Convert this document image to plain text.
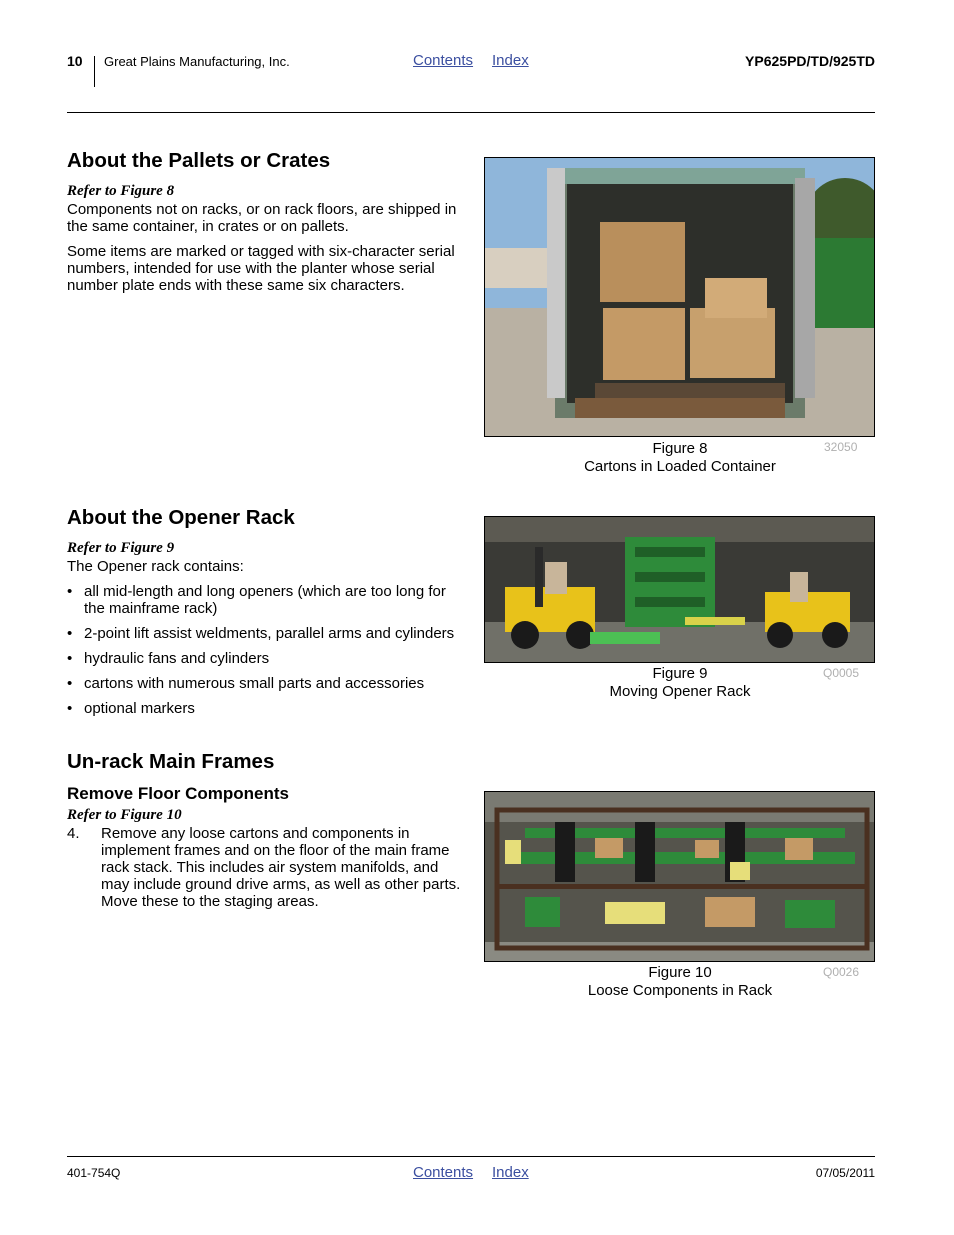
10 Great Plains Manufacturing, Inc.	Contents Index	YP625PD/TD/925TD
About the Pallets or Crates
Refer to Figure 8
Components not on racks, or on rack floors, are shipped in the same container, in crates or on pallets.
Some items are marked or tagged with six-character serial numbers, intended for use with the planter whose serial number plate ends with these same six characters.
Figure 8
Cartons in Loaded Container
32050
About the Opener Rack
Refer to Figure 9
The Opener rack contains:
• all mid-length and long openers (which are too long for the mainframe rack)
• 2-point lift assist weldments, parallel arms and cylinders
• hydraulic fans and cylinders
• cartons with numerous small parts and accessories
• optional markers
Figure 9
Moving Opener Rack
Q0005
Un-rack Main Frames
Remove Floor Components
Refer to Figure 10
4. Remove any loose cartons and components in implement frames and on the floor of the main frame rack stack. This includes air system manifolds, and may include ground drive arms, as well as other parts. Move these to the staging areas.
Figure 10
Loose Components in Rack
Q0026
401-754Q	Contents Index	07/05/2011
